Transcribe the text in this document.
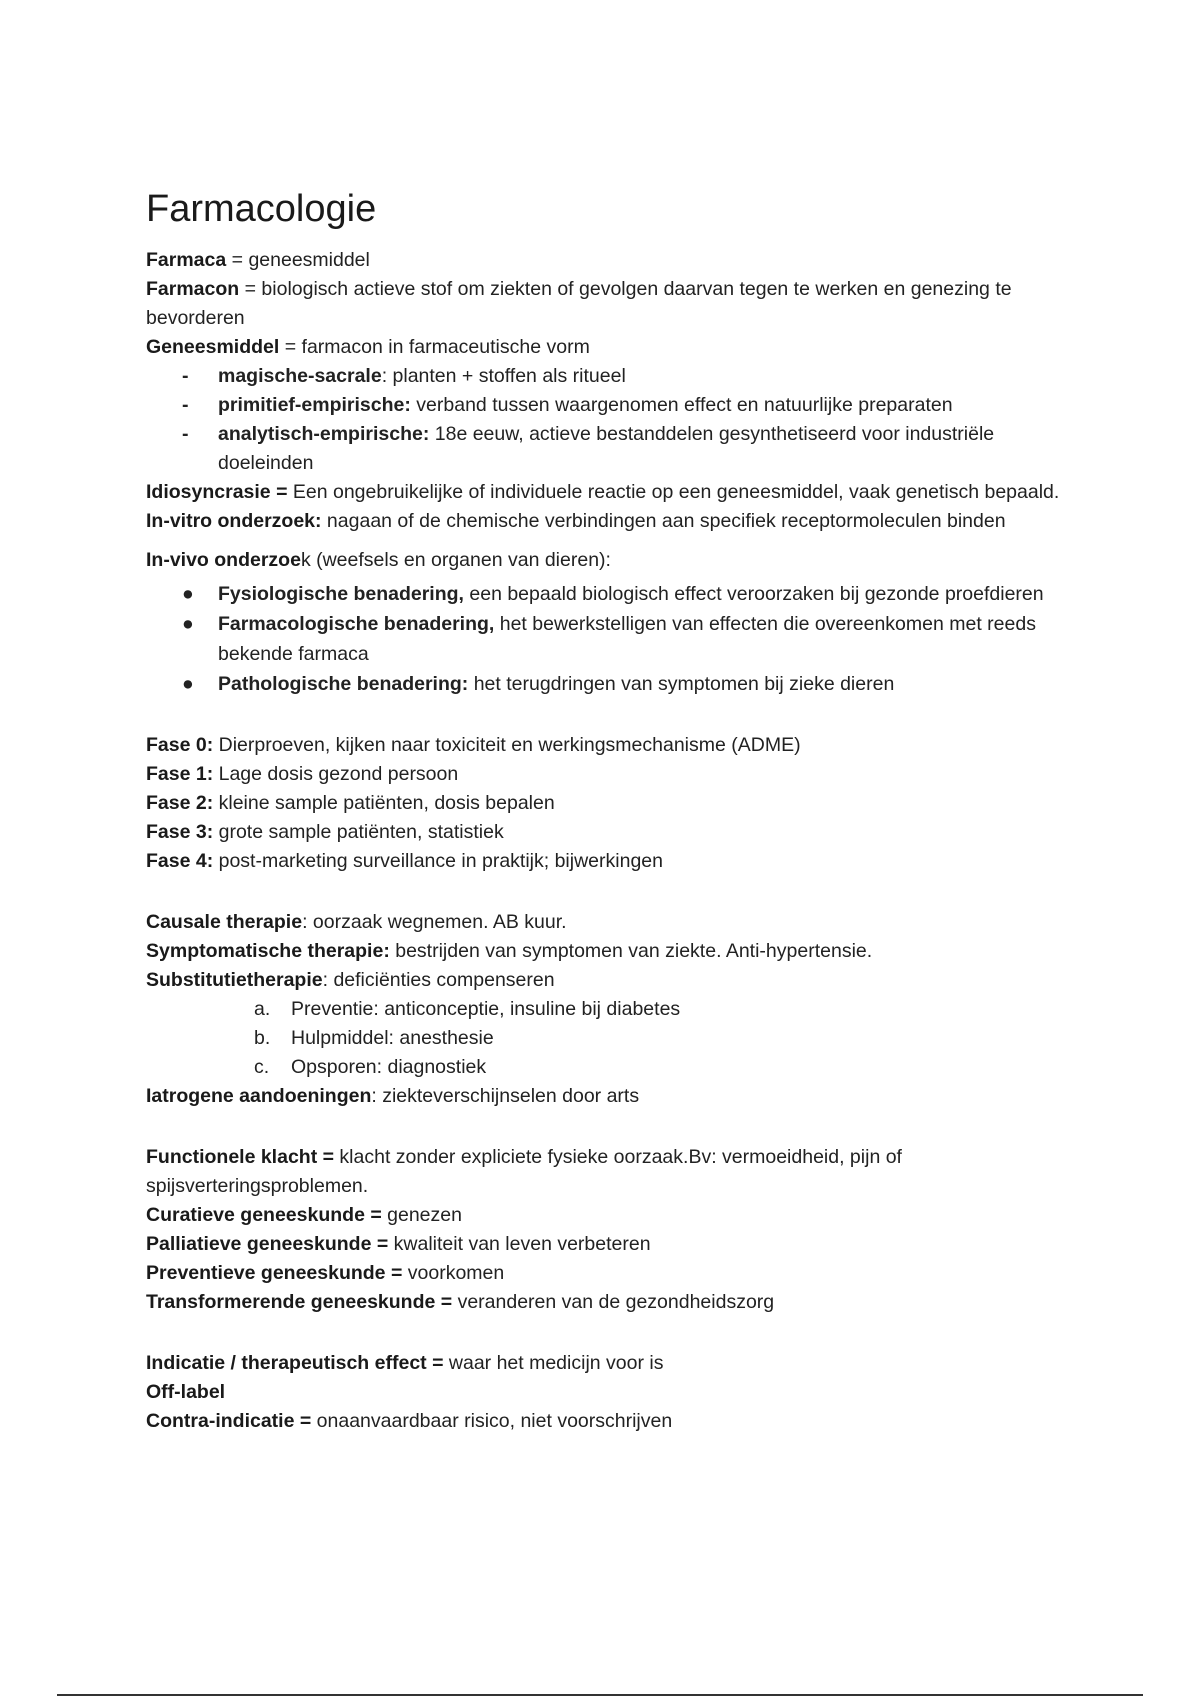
Farmacologie

Farmaca = geneesmiddel

Farmacon = biologisch actieve stof om ziekten of gevolgen daarvan tegen te werken en genezing te bevorderen

Geneesmiddel = farmacon in farmaceutische vorm

- magische-sacrale: planten + stoffen als ritueel
- primitief-empirische: verband tussen waargenomen effect en natuurlijke preparaten
- analytisch-empirische: 18e eeuw, actieve bestanddelen gesynthetiseerd voor industriële doeleinden

Idiosyncrasie = Een ongebruikelijke of individuele reactie op een geneesmiddel, vaak genetisch bepaald.

In-vitro onderzoek: nagaan of de chemische verbindingen aan specifiek receptormoleculen binden

In-vivo onderzoek (weefsels en organen van dieren):

● Fysiologische benadering, een bepaald biologisch effect veroorzaken bij gezonde proefdieren
● Farmacologische benadering, het bewerkstelligen van effecten die overeenkomen met reeds bekende farmaca
● Pathologische benadering: het terugdringen van symptomen bij zieke dieren

Fase 0: Dierproeven, kijken naar toxiciteit en werkingsmechanisme (ADME)

Fase 1: Lage dosis gezond persoon

Fase 2: kleine sample patiënten, dosis bepalen

Fase 3: grote sample patiënten, statistiek

Fase 4: post-marketing surveillance in praktijk; bijwerkingen

Causale therapie: oorzaak wegnemen. AB kuur.

Symptomatische therapie: bestrijden van symptomen van ziekte. Anti-hypertensie.

Substitutietherapie: deficiënties compenseren

a. Preventie: anticonceptie, insuline bij diabetes
b. Hulpmiddel: anesthesie
c. Opsporen: diagnostiek

Iatrogene aandoeningen: ziekteverschijnselen door arts

Functionele klacht = klacht zonder expliciete fysieke oorzaak.Bv: vermoeidheid, pijn of spijsverteringsproblemen.

Curatieve geneeskunde = genezen

Palliatieve geneeskunde = kwaliteit van leven verbeteren

Preventieve geneeskunde = voorkomen

Transformerende geneeskunde = veranderen van de gezondheidszorg

Indicatie / therapeutisch effect = waar het medicijn voor is

Off-label

Contra-indicatie = onaanvaardbaar risico, niet voorschrijven
